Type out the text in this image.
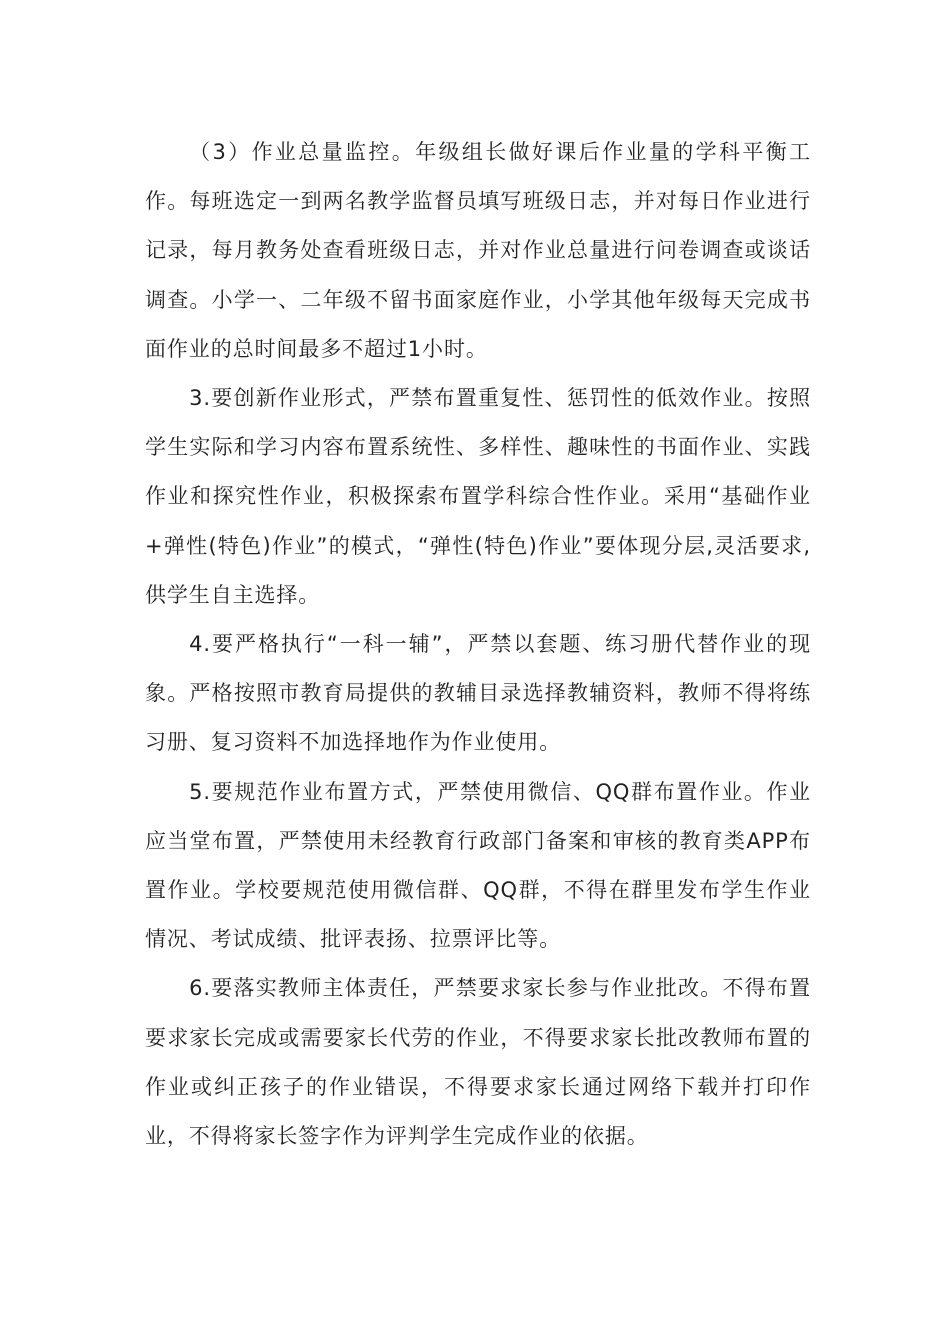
（3）作业总量监控。年级组长做好课后作业量的学科平衡工作。每班选定一到两名教学监督员填写班级日志，并对每日作业进行记录，每月教务处查看班级日志，并对作业总量进行问卷调查或谈话调查。小学一、二年级不留书面家庭作业，小学其他年级每天完成书面作业的总时间最多不超过1小时。

3.要创新作业形式，严禁布置重复性、惩罚性的低效作业。按照学生实际和学习内容布置系统性、多样性、趣味性的书面作业、实践作业和探究性作业，积极探索布置学科综合性作业。采用“基础作业+弹性(特色)作业”的模式，“弹性(特色)作业”要体现分层,灵活要求,供学生自主选择。

4.要严格执行“一科一辅”，严禁以套题、练习册代替作业的现象。严格按照市教育局提供的教辅目录选择教辅资料，教师不得将练习册、复习资料不加选择地作为作业使用。

5.要规范作业布置方式，严禁使用微信、QQ群布置作业。作业应当堂布置，严禁使用未经教育行政部门备案和审核的教育类APP布置作业。学校要规范使用微信群、QQ群，不得在群里发布学生作业情况、考试成绩、批评表扬、拉票评比等。

6.要落实教师主体责任，严禁要求家长参与作业批改。不得布置要求家长完成或需要家长代劳的作业，不得要求家长批改教师布置的作业或纠正孩子的作业错误，不得要求家长通过网络下载并打印作业，不得将家长签字作为评判学生完成作业的依据。
